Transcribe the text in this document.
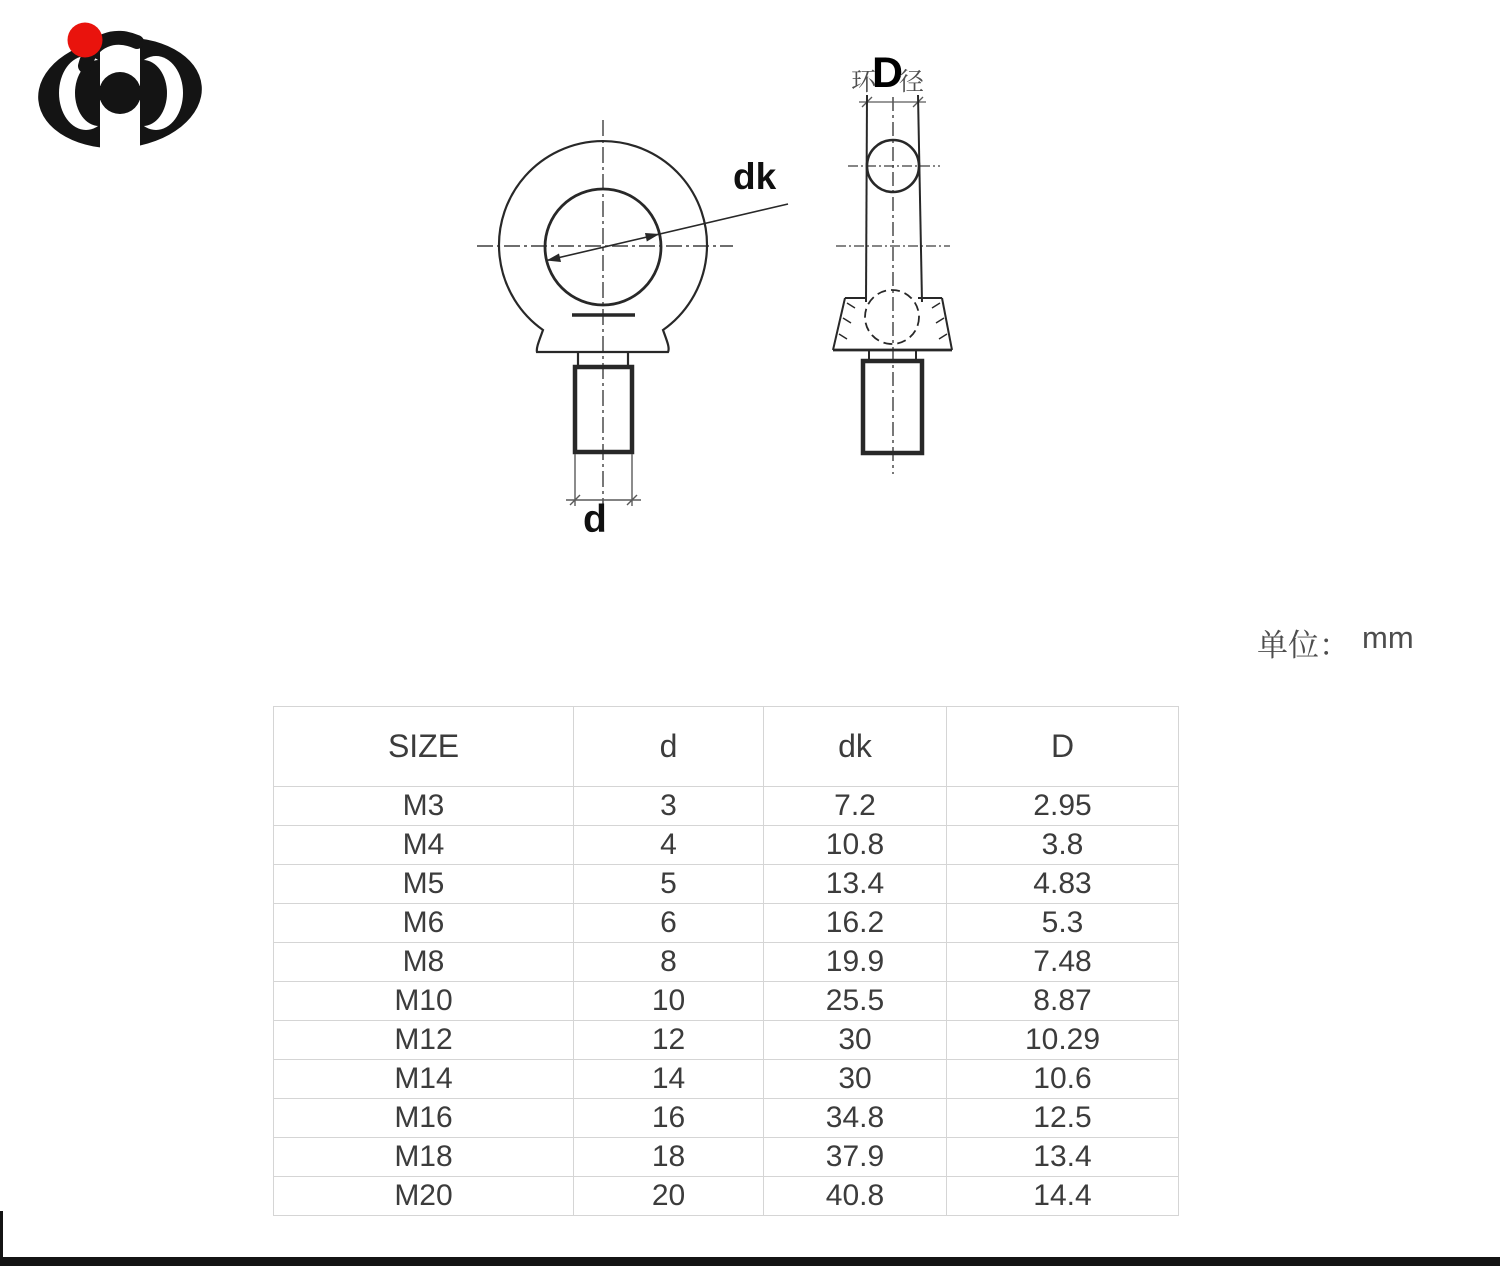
dk
d
环
D
径
单位： mm
SIZE	d	dk	D
M3	3	7.2	2.95
M4	4	10.8	3.8
M5	5	13.4	4.83
M6	6	16.2	5.3
M8	8	19.9	7.48
M10	10	25.5	8.87
M12	12	30	10.29
M14	14	30	10.6
M16	16	34.8	12.5
M18	18	37.9	13.4
M20	20	40.8	14.4
